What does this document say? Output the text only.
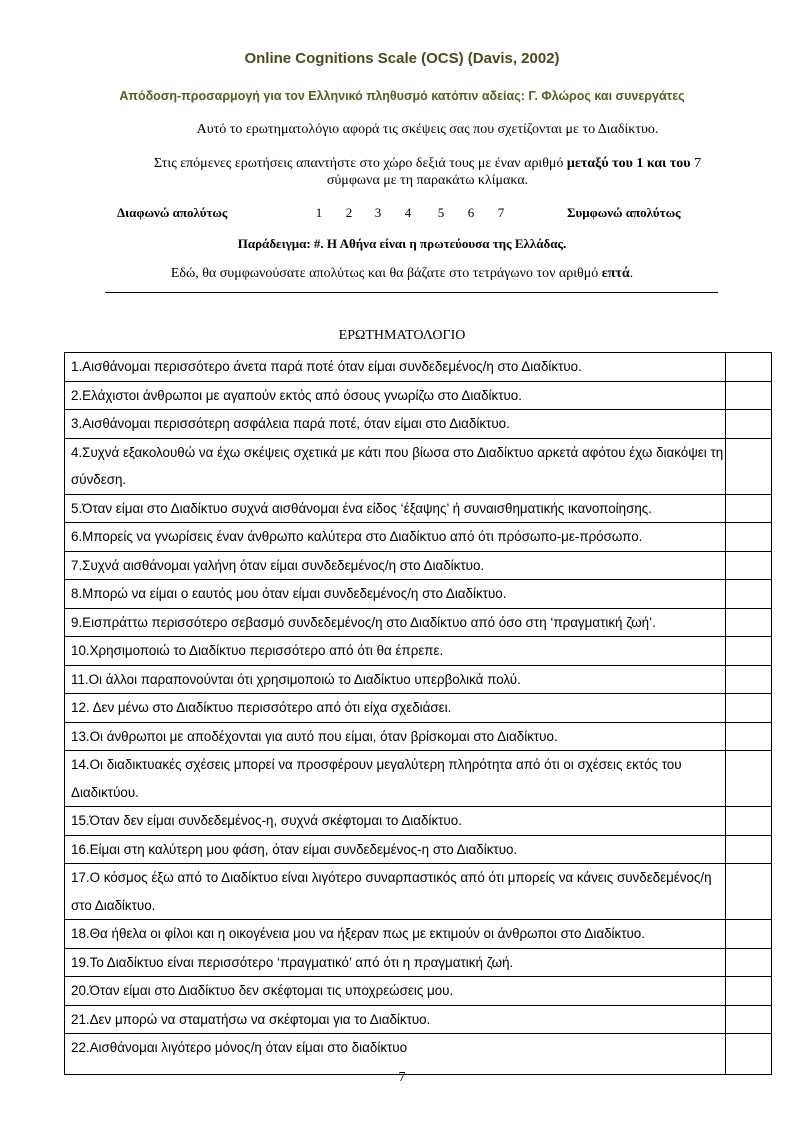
Online Cognitions Scale (OCS) (Davis, 2002)
Απόδοση-προσαρμογή για τον Ελληνικό πληθυσμό κατόπιν αδείας: Γ. Φλώρος και συνεργάτες
Αυτό το ερωτηματολόγιο αφορά τις σκέψεις σας που σχετίζονται με το Διαδίκτυο.
Στις επόμενες ερωτήσεις απαντήστε στο χώρο δεξιά τους με έναν αριθμό μεταξύ του 1 και του 7
σύμφωνα με τη παρακάτω κλίμακα.
Διαφωνώ απολύτως	1	2	3	4	5	6	7	Συμφωνώ απολύτως
Παράδειγμα: #. Η Αθήνα είναι η πρωτεύουσα της Ελλάδας.
Εδώ, θα συμφωνούσατε απολύτως και θα βάζατε στο τετράγωνο τον αριθμό επτά.
ΕΡΩΤΗΜΑΤΟΛΟΓΙΟ
1.Αισθάνομαι περισσότερο άνετα παρά ποτέ όταν είμαι συνδεδεμένος/η στο Διαδίκτυο.	
2.Ελάχιστοι άνθρωποι με αγαπούν εκτός από όσους γνωρίζω στο Διαδίκτυο.	
3.Αισθάνομαι περισσότερη ασφάλεια παρά ποτέ, όταν είμαι στο Διαδίκτυο.	
4.Συχνά εξακολουθώ να έχω σκέψεις σχετικά με κάτι που βίωσα στο Διαδίκτυο αρκετά αφότου έχω διακόψει τη σύνδεση.	
5.Όταν είμαι στο Διαδίκτυο συχνά αισθάνομαι ένα είδος ‘έξαψης’ ή συναισθηματικής ικανοποίησης.	
6.Μπορείς να γνωρίσεις έναν άνθρωπο καλύτερα στο Διαδίκτυο από ότι πρόσωπο-με-πρόσωπο.	
7.Συχνά αισθάνομαι γαλήνη όταν είμαι συνδεδεμένος/η στο Διαδίκτυο.	
8.Μπορώ να είμαι ο εαυτός μου όταν είμαι συνδεδεμένος/η στο Διαδίκτυο.	
9.Εισπράττω περισσότερο σεβασμό συνδεδεμένος/η στο Διαδίκτυο από όσο στη ‘πραγματική ζωή’.	
10.Χρησιμοποιώ το Διαδίκτυο περισσότερο από ότι θα έπρεπε.	
11.Οι άλλοι παραπονούνται ότι χρησιμοποιώ το Διαδίκτυο υπερβολικά πολύ.	
12. Δεν μένω στο Διαδίκτυο περισσότερο από ότι είχα σχεδιάσει.	
13.Οι άνθρωποι με αποδέχονται για αυτό που είμαι, όταν βρίσκομαι στο Διαδίκτυο.	
14.Οι διαδικτυακές σχέσεις μπορεί να προσφέρουν μεγαλύτερη πληρότητα από ότι οι σχέσεις εκτός του Διαδικτύου.	
15.Όταν δεν είμαι συνδεδεμένος-η, συχνά σκέφτομαι το Διαδίκτυο.	
16.Είμαι στη καλύτερη μου φάση, όταν είμαι συνδεδεμένος-η στο Διαδίκτυο.	
17.Ο κόσμος έξω από το Διαδίκτυο είναι λιγότερο συναρπαστικός από ότι μπορείς να κάνεις συνδεδεμένος/η στο Διαδίκτυο.	
18.Θα ήθελα οι φίλοι και η οικογένεια μου να ήξεραν πως με εκτιμούν οι άνθρωποι στο Διαδίκτυο.	
19.Το Διαδίκτυο είναι περισσότερο ‘πραγματικό’ από ότι η πραγματική ζωή.	
20.Όταν είμαι στο Διαδίκτυο δεν σκέφτομαι τις υποχρεώσεις μου.	
21.Δεν μπορώ να σταματήσω να σκέφτομαι για το Διαδίκτυο.	
22.Αισθάνομαι λιγότερο μόνος/η όταν είμαι στο διαδίκτυο	
7
